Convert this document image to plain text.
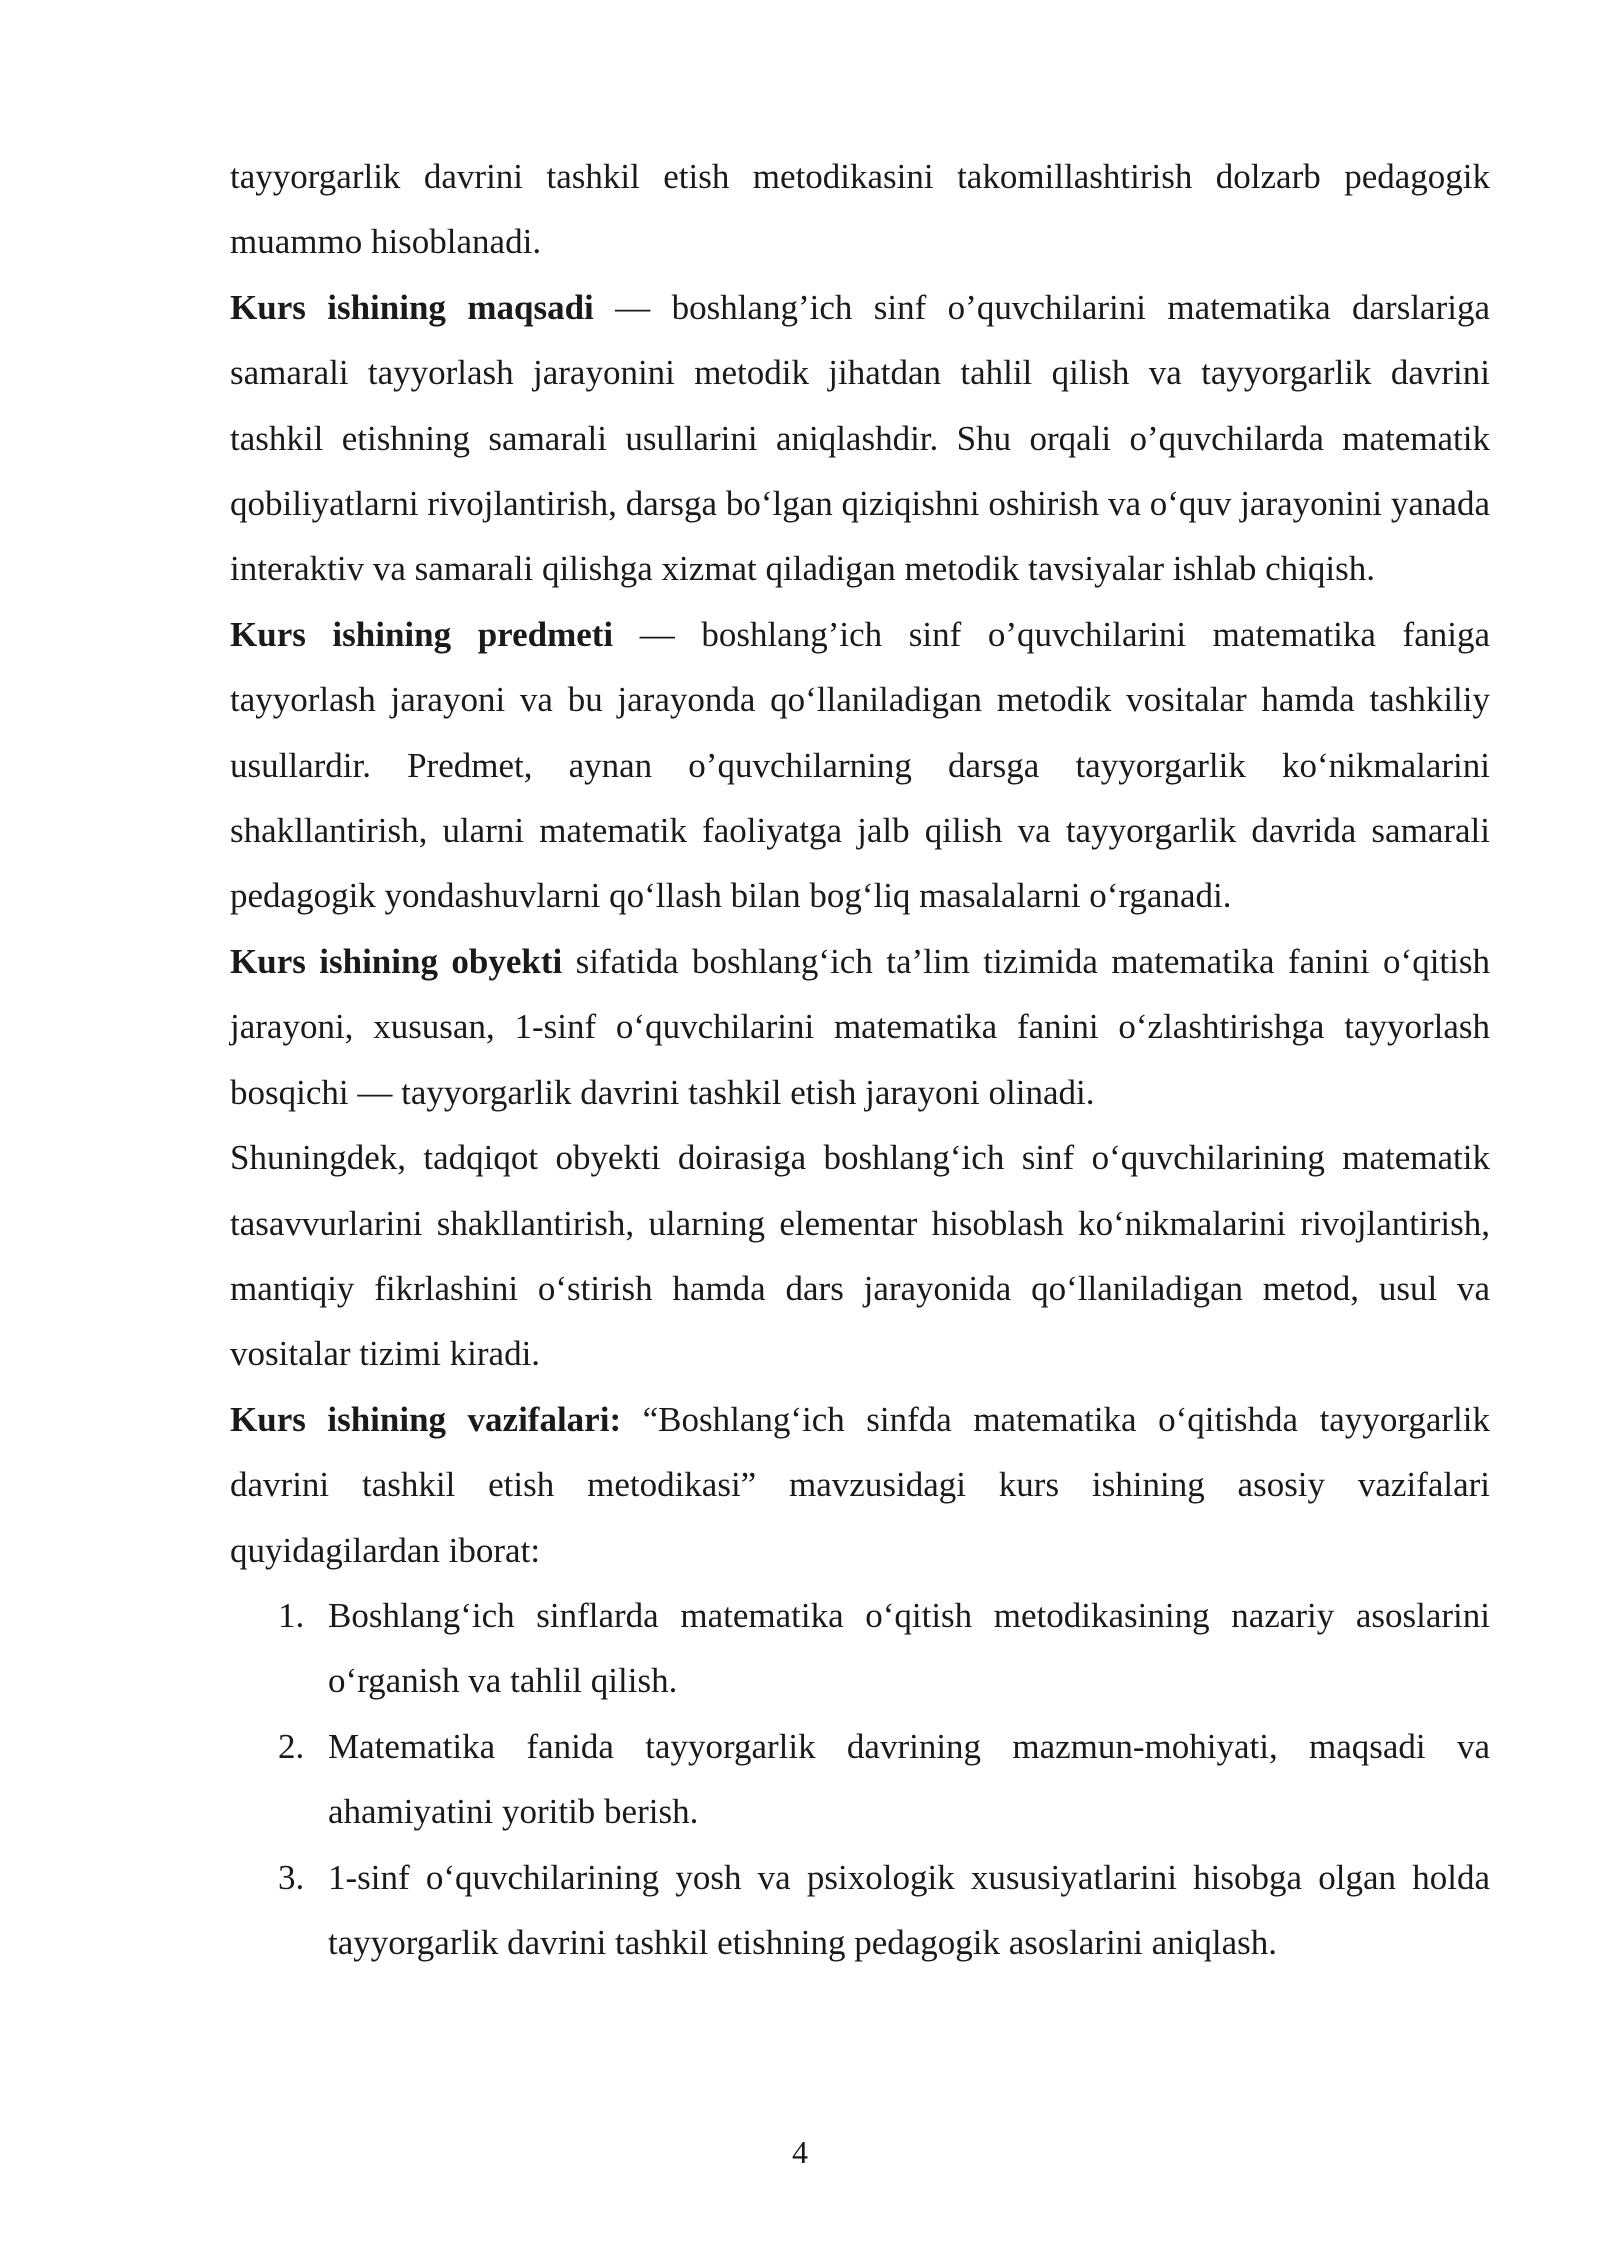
tayyorgarlik davrini tashkil etish metodikasini takomillashtirish dolzarb pedagogik muammo hisoblanadi.

Kurs ishining maqsadi — boshlang’ich sinf o’quvchilarini matematika darslariga samarali tayyorlash jarayonini metodik jihatdan tahlil qilish va tayyorgarlik davrini tashkil etishning samarali usullarini aniqlashdir. Shu orqali o’quvchilarda matematik qobiliyatlarni rivojlantirish, darsga bo‘lgan qiziqishni oshirish va o‘quv jarayonini yanada interaktiv va samarali qilishga xizmat qiladigan metodik tavsiyalar ishlab chiqish.

Kurs ishining predmeti — boshlang’ich sinf o’quvchilarini matematika faniga tayyorlash jarayoni va bu jarayonda qo‘llaniladigan metodik vositalar hamda tashkiliy usullardir. Predmet, aynan o’quvchilarning darsga tayyorgarlik ko‘nikmalarini shakllantirish, ularni matematik faoliyatga jalb qilish va tayyorgarlik davrida samarali pedagogik yondashuvlarni qo‘llash bilan bog‘liq masalalarni o‘rganadi.

Kurs ishining obyekti sifatida boshlang‘ich ta’lim tizimida matematika fanini o‘qitish jarayoni, xususan, 1-sinf o‘quvchilarini matematika fanini o‘zlashtirishga tayyorlash bosqichi — tayyorgarlik davrini tashkil etish jarayoni olinadi.

Shuningdek, tadqiqot obyekti doirasiga boshlang‘ich sinf o‘quvchilarining matematik tasavvurlarini shakllantirish, ularning elementar hisoblash ko‘nikmalarini rivojlantirish, mantiqiy fikrlashini o‘stirish hamda dars jarayonida qo‘llaniladigan metod, usul va vositalar tizimi kiradi.

Kurs ishining vazifalari: “Boshlang‘ich sinfda matematika o‘qitishda tayyorgarlik davrini tashkil etish metodikasi” mavzusidagi kurs ishining asosiy vazifalari quyidagilardan iborat:

1. Boshlang‘ich sinflarda matematika o‘qitish metodikasining nazariy asoslarini o‘rganish va tahlil qilish.
2. Matematika fanida tayyorgarlik davrining mazmun-mohiyati, maqsadi va ahamiyatini yoritib berish.
3. 1-sinf o‘quvchilarining yosh va psixologik xususiyatlarini hisobga olgan holda tayyorgarlik davrini tashkil etishning pedagogik asoslarini aniqlash.
4
